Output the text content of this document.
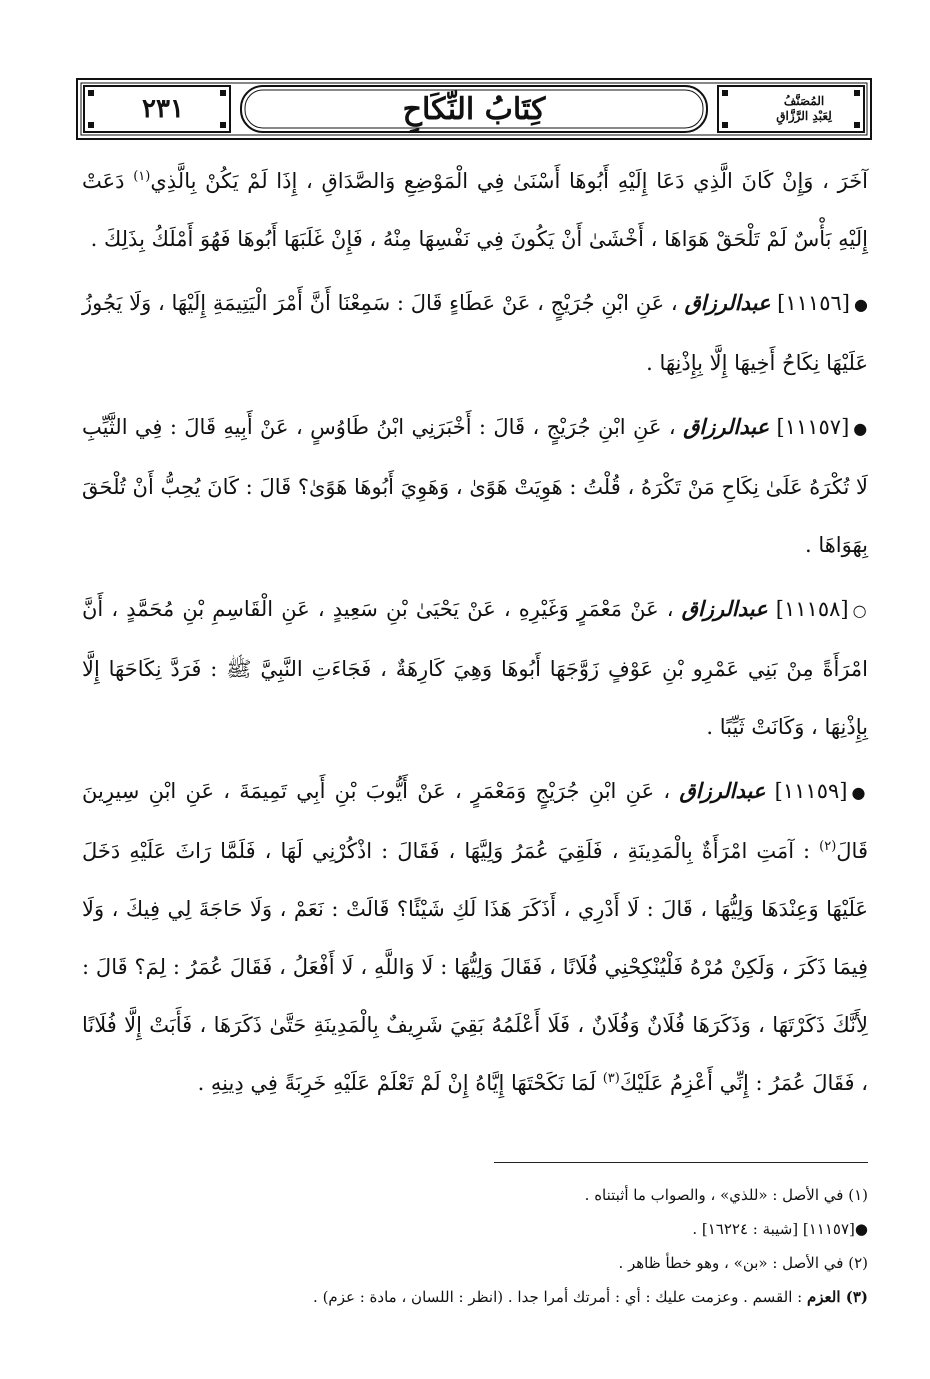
٢٣١	كِتَابُ النِّكَاحِ	المُصَنَّفُ
لِعَبْدِ الرَّزَّاقِ

آخَرَ ، وَإِنْ كَانَ الَّذِي دَعَا إِلَيْهِ أَبُوهَا أَسْنَىٰ فِي الْمَوْضِعِ وَالصَّدَاقِ ، إِذَا لَمْ يَكُنْ بِالَّذِي$^{(١)}$ دَعَتْ إِلَيْهِ بَأْسٌ لَمْ تَلْحَقْ هَوَاهَا ، أَخْشَىٰ أَنْ يَكُونَ فِي نَفْسِهَا مِنْهُ ، فَإِنْ غَلَبَهَا أَبُوهَا فَهُوَ أَمْلَكُ بِذَلِكَ .

●[١١١٥٦] عبدالرزاق ، عَنِ ابْنِ جُرَيْجٍ ، عَنْ عَطَاءٍ قَالَ : سَمِعْنَا أَنَّ أَمْرَ الْيَتِيمَةِ إِلَيْهَا ، وَلَا يَجُوزُ عَلَيْهَا نِكَاحُ أَخِيهَا إِلَّا بِإِذْنِهَا .

●[١١١٥٧] عبدالرزاق ، عَنِ ابْنِ جُرَيْجٍ ، قَالَ : أَخْبَرَنِي ابْنُ طَاوُسٍ ، عَنْ أَبِيهِ قَالَ : فِي الثَّيِّبِ لَا تُكْرَهُ عَلَىٰ نِكَاحِ مَنْ تَكْرَهُ ، قُلْتُ : هَوِيَتْ هَوًىٰ ، وَهَوِيَ أَبُوهَا هَوًىٰ؟ قَالَ : كَانَ يُحِبُّ أَنْ تُلْحَقَ بِهَوَاهَا .

○[١١١٥٨] عبدالرزاق ، عَنْ مَعْمَرٍ وَغَيْرِهِ ، عَنْ يَحْيَىٰ بْنِ سَعِيدٍ ، عَنِ الْقَاسِمِ بْنِ مُحَمَّدٍ ، أَنَّ امْرَأَةً مِنْ بَنِي عَمْرِو بْنِ عَوْفٍ زَوَّجَهَا أَبُوهَا وَهِيَ كَارِهَةٌ ، فَجَاءَتِ النَّبِيَّ ﷺ : فَرَدَّ نِكَاحَهَا إِلَّا بِإِذْنِهَا ، وَكَانَتْ ثَيِّبًا .

●[١١١٥٩] عبدالرزاق ، عَنِ ابْنِ جُرَيْجٍ وَمَعْمَرٍ ، عَنْ أَيُّوبَ بْنِ أَبِي تَمِيمَةَ ، عَنِ ابْنِ سِيرِينَ قَالَ$^{(٢)}$ : آمَتِ امْرَأَةٌ بِالْمَدِينَةِ ، فَلَقِيَ عُمَرُ وَلِيَّهَا ، فَقَالَ : اذْكُرْنِي لَهَا ، فَلَمَّا رَاثَ عَلَيْهِ دَخَلَ عَلَيْهَا وَعِنْدَهَا وَلِيُّهَا ، قَالَ : لَا أَدْرِي ، أَذَكَرَ هَذَا لَكِ شَيْئًا؟ قَالَتْ : نَعَمْ ، وَلَا حَاجَةَ لِي فِيكَ ، وَلَا فِيمَا ذَكَرَ ، وَلَكِنْ مُرْهُ فَلْيُنْكِحْنِي فُلَانًا ، فَقَالَ وَلِيُّهَا : لَا وَاللَّهِ ، لَا أَفْعَلُ ، فَقَالَ عُمَرُ : لِمَ؟ قَالَ : لِأَنَّكَ ذَكَرْتَهَا ، وَذَكَرَهَا فُلَانٌ وَفُلَانٌ ، فَلَا أَعْلَمُهُ بَقِيَ شَرِيفٌ بِالْمَدِينَةِ حَتَّىٰ ذَكَرَهَا ، فَأَبَتْ إِلَّا فُلَانًا ، فَقَالَ عُمَرُ : إِنِّي أَعْزِمُ عَلَيْكَ$^{(٣)}$ لَمَا نَكَحْتَهَا إِيَّاهُ إِنْ لَمْ تَعْلَمْ عَلَيْهِ خَرِبَةً فِي دِينِهِ .

(١) في الأصل : «للذي» ، والصواب ما أثبتناه .
●[١١١٥٧] [شيبة : ١٦٢٢٤] .
(٢) في الأصل : «بن» ، وهو خطأ ظاهر .
(٣) العزم : القسم . وعزمت عليك : أي : أمرتك أمرا جدا . (انظر : اللسان ، مادة : عزم) .
